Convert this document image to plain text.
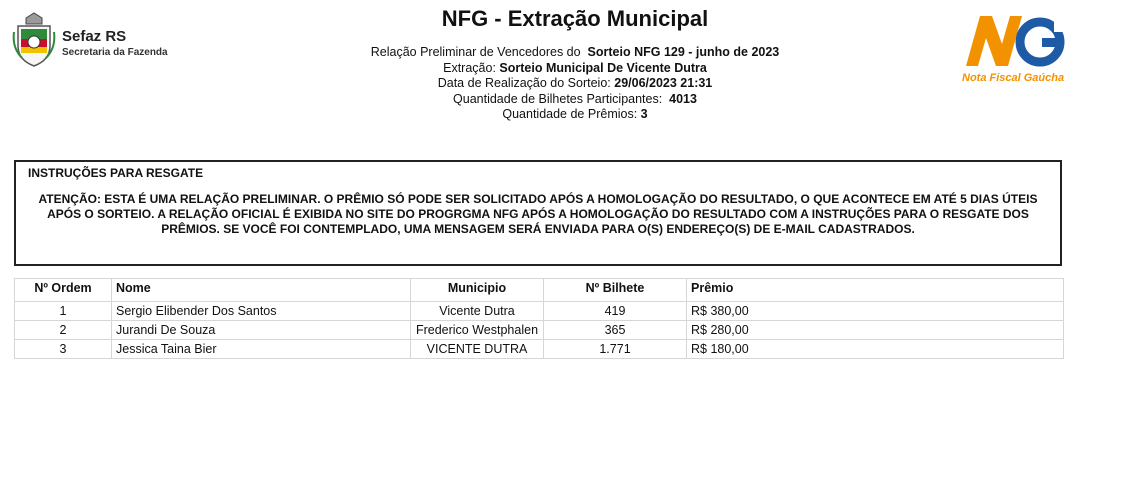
Sefaz RS
Secretaria da Fazenda
NFG - Extração Municipal
Relação Preliminar de Vencedores do Sorteio NFG 129 - junho de 2023
Extração: Sorteio Municipal De Vicente Dutra
Data de Realização do Sorteio: 29/06/2023 21:31
Quantidade de Bilhetes Participantes: 4013
Quantidade de Prêmios: 3
Nota Fiscal Gaúcha
INSTRUÇÕES PARA RESGATE
ATENÇÃO: ESTA É UMA RELAÇÃO PRELIMINAR. O PRÊMIO SÓ PODE SER SOLICITADO APÓS A HOMOLOGAÇÃO DO RESULTADO, O QUE ACONTECE EM ATÉ 5 DIAS ÚTEIS APÓS O SORTEIO. A RELAÇÃO OFICIAL É EXIBIDA NO SITE DO PROGRGMA NFG APÓS A HOMOLOGAÇÃO DO RESULTADO COM A INSTRUÇÕES PARA O RESGATE DOS PRÊMIOS. SE VOCÊ FOI CONTEMPLADO, UMA MENSAGEM SERÁ ENVIADA PARA O(S) ENDEREÇO(S) DE E-MAIL CADASTRADOS.
Nº Ordem	Nome	Municipio	Nº Bilhete	Prêmio
1	Sergio Elibender Dos Santos	Vicente Dutra	419	R$ 380,00
2	Jurandi De Souza	Frederico Westphalen	365	R$ 280,00
3	Jessica Taina Bier	VICENTE DUTRA	1.771	R$ 180,00
